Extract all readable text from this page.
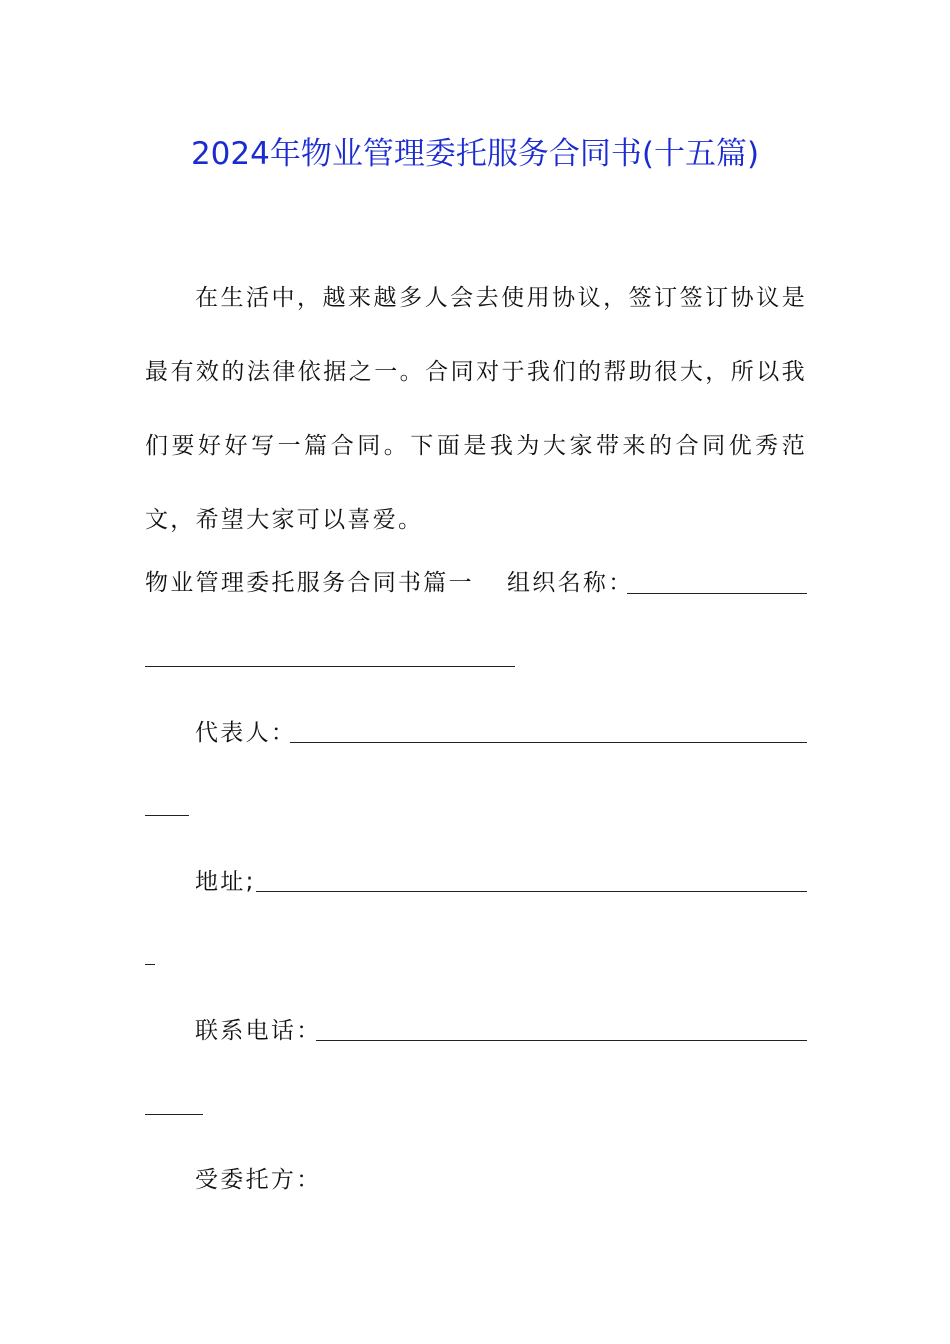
2024年物业管理委托服务合同书(十五篇)

在生活中，越来越多人会去使用协议，签订签订协议是最有效的法律依据之一。合同对于我们的帮助很大，所以我们要好好写一篇合同。下面是我为大家带来的合同优秀范文，希望大家可以喜爱。

物业管理委托服务合同书篇一 组织名称：
代表人：
地址;
联系电话：
受委托方：
